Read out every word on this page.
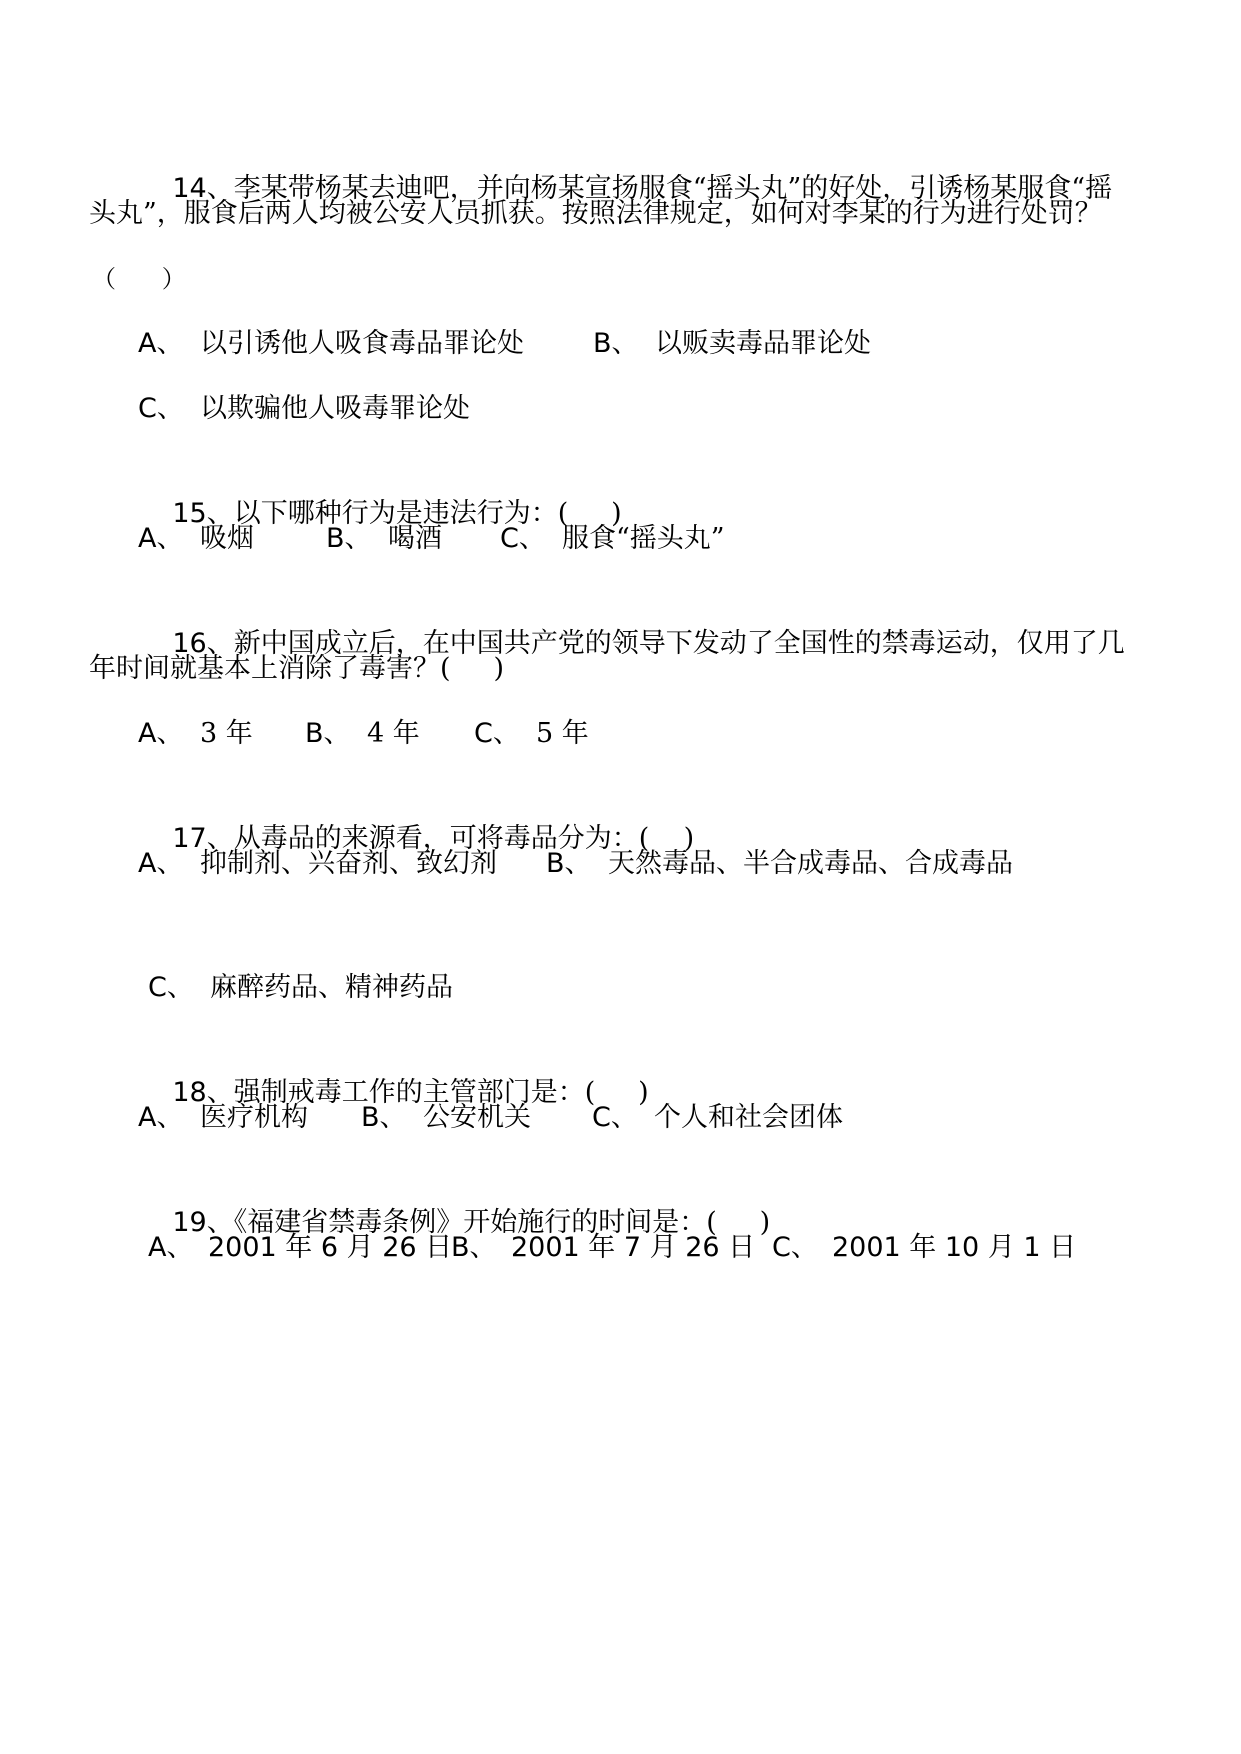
14、李某带杨某去迪吧，并向杨某宣扬服食“摇头丸”的好处，引诱杨某服食“摇

头丸”，服食后两人均被公安人员抓获。按照法律规定，如何对李某的行为进行处罚？
（      ）

A、

以引诱他人吸食毒品罪论处

	B、

以贩卖毒品罪论处

C、

以欺骗他人吸毒罪论处

15、以下哪种行为是违法行为：(     )

A、

吸烟

	B、

喝酒

C、

服食“摇头丸”

16、新中国成立后，在中国共产党的领导下发动了全国性的禁毒运动，仅用了几

年时间就基本上消除了毒害？(     )

A、

3 年

B、

4 年

C、

5 年

17、从毒品的来源看，可将毒品分为：(    )

A、

抑制剂、兴奋剂、致幻剂

B、

天然毒品、半合成毒品、合成毒品

C、

麻醉药品、精神药品

18、强制戒毒工作的主管部门是：(     )

A、

医疗机构

B、

公安机关

C、

个人和社会团体

19、《福建省禁毒条例》开始施行的时间是：(     )

A、

2001 年 6 月 26 日

B、

2001 年 7 月 26 日

C、

2001 年 10 月 1 日
